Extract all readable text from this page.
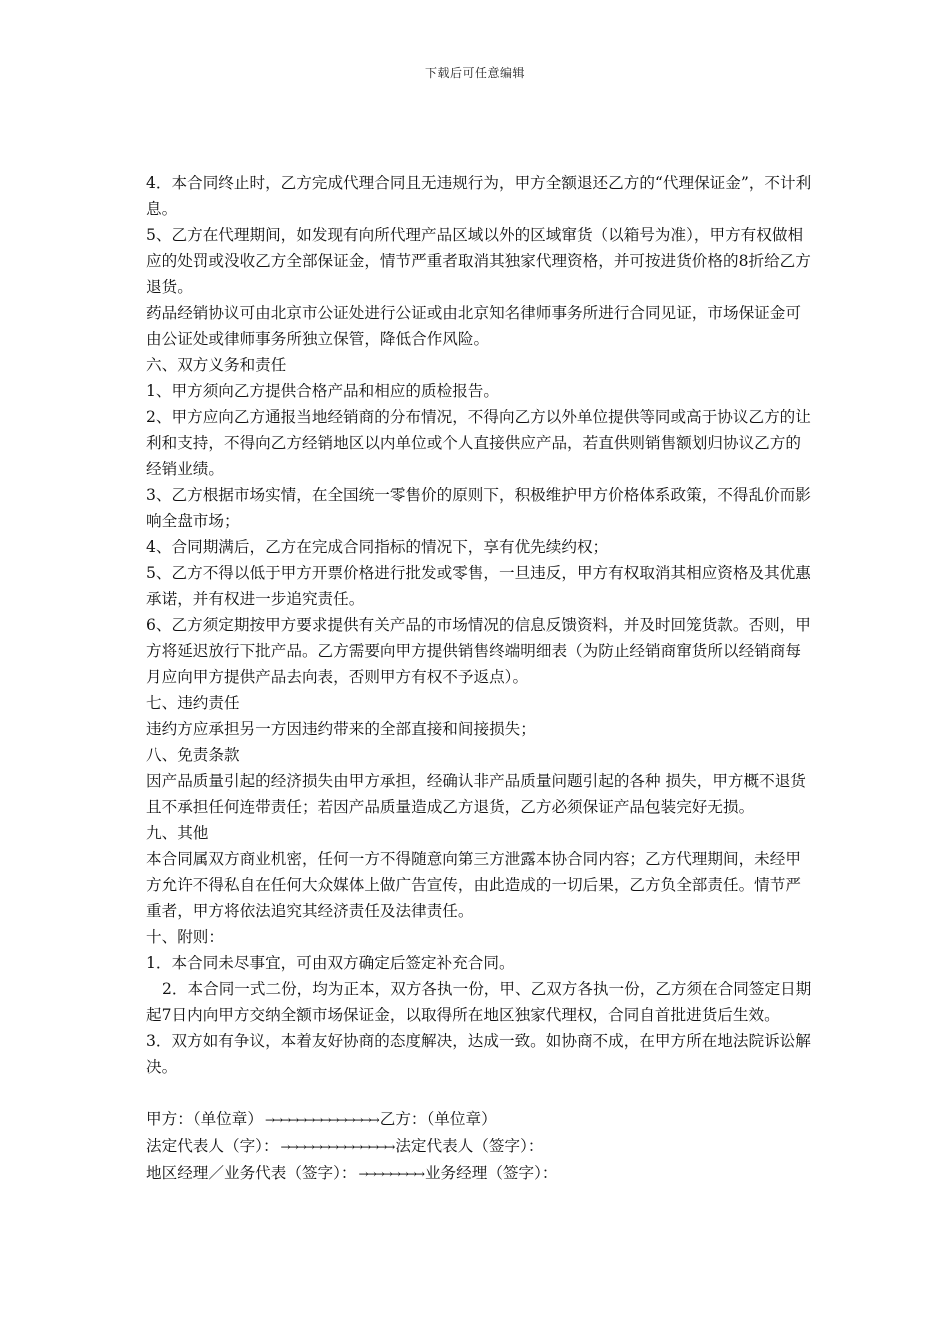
下载后可任意编辑

4．本合同终止时，乙方完成代理合同且无违规行为，甲方全额退还乙方的“代理保证金”，不计利息。

5、乙方在代理期间，如发现有向所代理产品区域以外的区域窜货（以箱号为准），甲方有权做相应的处罚或没收乙方全部保证金，情节严重者取消其独家代理资格，并可按进货价格的8折给乙方退货。

药品经销协议可由北京市公证处进行公证或由北京知名律师事务所进行合同见证，市场保证金可由公证处或律师事务所独立保管，降低合作风险。

六、双方义务和责任

1、甲方须向乙方提供合格产品和相应的质检报告。

2、甲方应向乙方通报当地经销商的分布情况，不得向乙方以外单位提供等同或高于协议乙方的让利和支持，不得向乙方经销地区以内单位或个人直接供应产品，若直供则销售额划归协议乙方的经销业绩。

3、乙方根据市场实情，在全国统一零售价的原则下，积极维护甲方价格体系政策，不得乱价而影响全盘市场；

4、合同期满后，乙方在完成合同指标的情况下，享有优先续约权；

5、乙方不得以低于甲方开票价格进行批发或零售，一旦违反，甲方有权取消其相应资格及其优惠承诺，并有权进一步追究责任。

6、乙方须定期按甲方要求提供有关产品的市场情况的信息反馈资料，并及时回笼货款。否则，甲方将延迟放行下批产品。乙方需要向甲方提供销售终端明细表（为防止经销商窜货所以经销商每月应向甲方提供产品去向表，否则甲方有权不予返点）。

七、违约责任

违约方应承担另一方因违约带来的全部直接和间接损失；

八、免责条款

因产品质量引起的经济损失由甲方承担，经确认非产品质量问题引起的各种 损失，甲方概不退货且不承担任何连带责任；若因产品质量造成乙方退货，乙方必须保证产品包装完好无损。

九、其他

本合同属双方商业机密，任何一方不得随意向第三方泄露本协合同内容；乙方代理期间，未经甲方允许不得私自在任何大众媒体上做广告宣传，由此造成的一切后果，乙方负全部责任。情节严重者，甲方将依法追究其经济责任及法律责任。

十、附则：

1．本合同未尽事宜，可由双方确定后签定补充合同。

2．本合同一式二份，均为正本，双方各执一份，甲、乙双方各执一份，乙方须在合同签定日期起7日内向甲方交纳全额市场保证金，以取得所在地区独家代理权，合同自首批进货后生效。

3．双方如有争议，本着友好协商的态度解决，达成一致。如协商不成，在甲方所在地法院诉讼解决。

甲方：（单位章） →→→→→→→→→→→→→→ 乙方：（单位章）

法定代表人（字）： →→→→→→→→→→→→→→ 法定代表人（签字）：

地区经理／业务代表（签字）： →→→→→→→→ 业务经理（签字）：
